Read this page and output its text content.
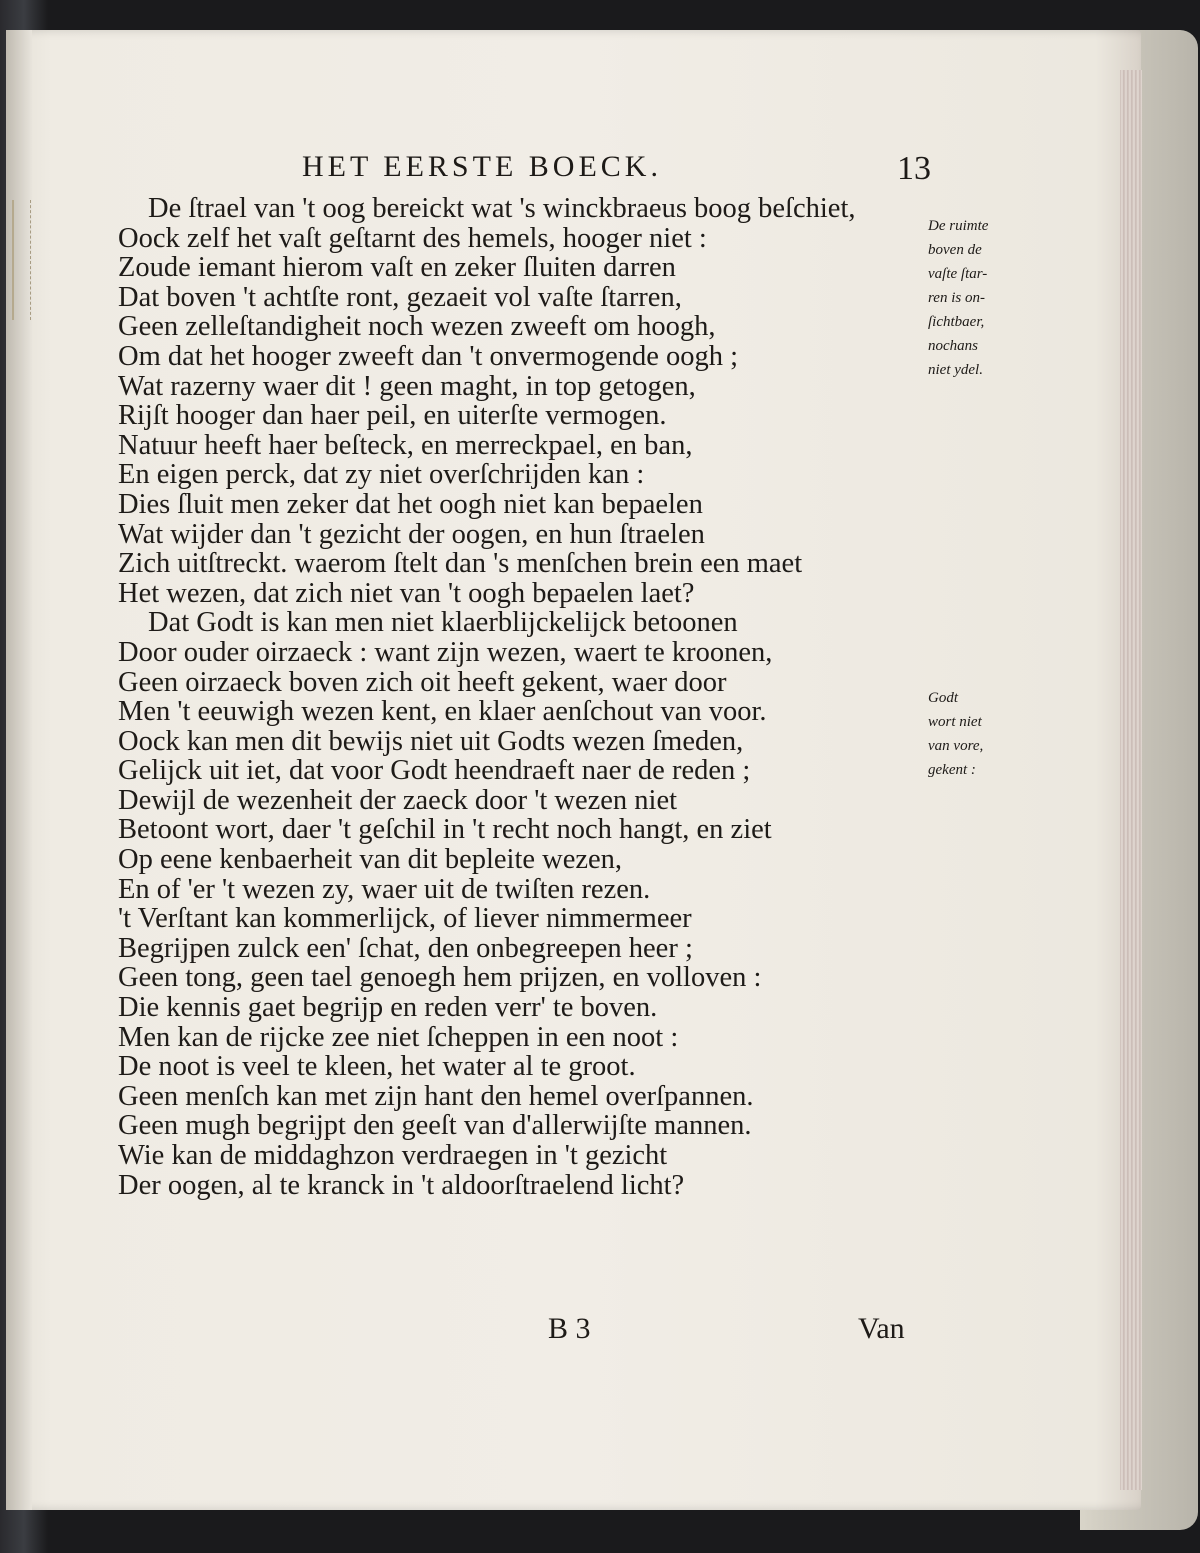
HET EERSTE BOECK.	13
De ſtrael van 't oog bereickt wat 's winckbraeus boog beſchiet,
Oock zelf het vaſt geſtarnt des hemels, hooger niet :
Zoude iemant hierom vaſt en zeker ſluiten darren
Dat boven 't achtſte ront, gezaeit vol vaſte ſtarren,
Geen zelleſtandigheit noch wezen zweeft om hoogh,
Om dat het hooger zweeft dan 't onvermogende oogh ;
Wat razerny waer dit ! geen maght, in top getogen,
Rijſt hooger dan haer peil, en uiterſte vermogen.
Natuur heeft haer beſteck, en merreckpael, en ban,
En eigen perck, dat zy niet overſchrijden kan :
Dies ſluit men zeker dat het oogh niet kan bepaelen
Wat wijder dan 't gezicht der oogen, en hun ſtraelen
Zich uitſtreckt. waerom ſtelt dan 's menſchen brein een maet
Het wezen, dat zich niet van 't oogh bepaelen laet?
Dat Godt is kan men niet klaerblijckelijck betoonen
Door ouder oirzaeck : want zijn wezen, waert te kroonen,
Geen oirzaeck boven zich oit heeft gekent, waer door
Men 't eeuwigh wezen kent, en klaer aenſchout van voor.
Oock kan men dit bewijs niet uit Godts wezen ſmeden,
Gelijck uit iet, dat voor Godt heendraeft naer de reden ;
Dewijl de wezenheit der zaeck door 't wezen niet
Betoont wort, daer 't geſchil in 't recht noch hangt, en ziet
Op eene kenbaerheit van dit bepleite wezen,
En of 'er 't wezen zy, waer uit de twiſten rezen.
't Verſtant kan kommerlijck, of liever nimmermeer
Begrijpen zulck een' ſchat, den onbegreepen heer ;
Geen tong, geen tael genoegh hem prijzen, en volloven :
Die kennis gaet begrijp en reden verr' te boven.
Men kan de rijcke zee niet ſcheppen in een noot :
De noot is veel te kleen, het water al te groot.
Geen menſch kan met zijn hant den hemel overſpannen.
Geen mugh begrijpt den geeſt van d'allerwijſte mannen.
Wie kan de middaghzon verdraegen in 't gezicht
Der oogen, al te kranck in 't aldoorſtraelend licht?
De ruimte
boven de
vaſte ſtar-
ren is on-
ſichtbaer,
nochans
niet ydel.
Godt
wort niet
van vore,
gekent :
B 3	Van
